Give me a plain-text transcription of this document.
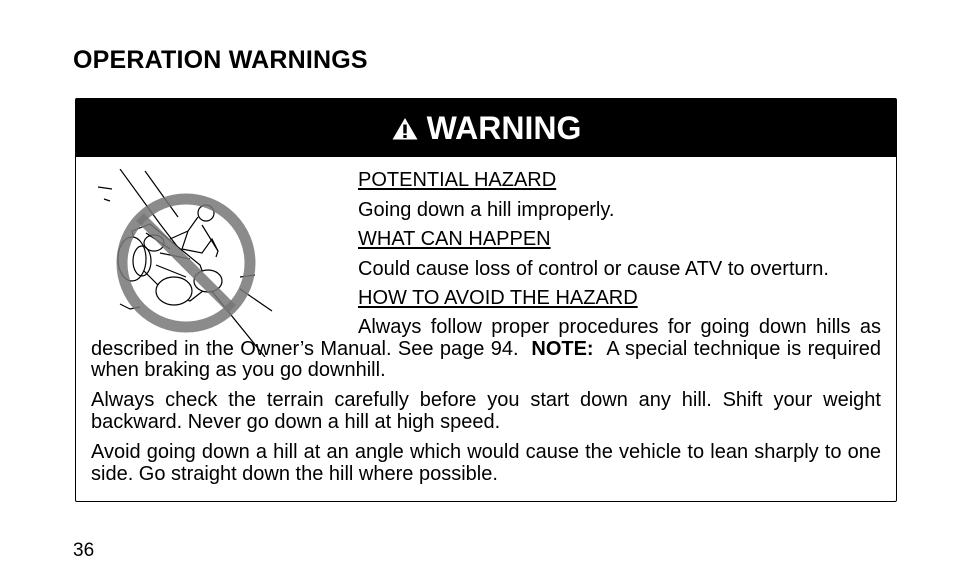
OPERATION WARNINGS
WARNING
POTENTIAL HAZARD
Going down a hill improperly.
WHAT CAN HAPPEN
Could cause loss of control or cause ATV to overturn.
HOW TO AVOID THE HAZARD
Always follow proper procedures for going down hills as described in the Owner’s Manual. See page 94. NOTE: A special technique is required when braking as you go downhill.
Always check the terrain carefully before you start down any hill. Shift your weight backward. Never go down a hill at high speed.
Avoid going down a hill at an angle which would cause the vehicle to lean sharply to one side. Go straight down the hill where possible.
36
